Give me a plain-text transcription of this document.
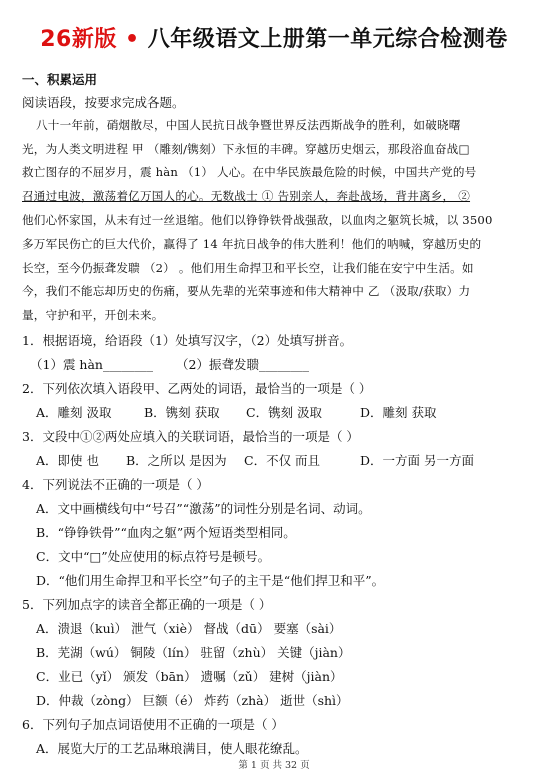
26新版 • 八年级语文上册第一单元综合检测卷
一、积累运用
阅读语段，按要求完成各题。
八十一年前，硝烟散尽，中国人民抗日战争暨世界反法西斯战争的胜利，如破晓曙
光，为人类文明进程 甲 （雕刻/镌刻）下永恒的丰碑。穿越历史烟云，那段浴血奋战□
救亡图存的不屈岁月，震 hàn （1） 人心。在中华民族最危险的时候，中国共产党的号
召通过电波，激荡着亿万国人的心。无数战士 ① 告别亲人，奔赴战场，背井离乡， ②
他们心怀家国，从未有过一丝退缩。他们以铮铮铁骨战强敌，以血肉之躯筑长城，以 3500
多万军民伤亡的巨大代价，赢得了 14 年抗日战争的伟大胜利！他们的呐喊，穿越历史的
长空，至今仍振聋发聩 （2） 。他们用生命捍卫和平长空，让我们能在安宁中生活。如
今，我们不能忘却历史的伤痛，要从先辈的光荣事迹和伟大精神中 乙 （汲取/获取）力
量，守护和平，开创未来。
1．根据语境，给语段（1）处填写汉字，（2）处填写拼音。
（1）震 hàn________	（2）振聋发聩________
2．下列依次填入语段甲、乙两处的词语，最恰当的一项是（ ）
A．雕刻 汲取	B．镌刻 获取	C．镌刻 汲取	D．雕刻 获取
3．文段中①②两处应填入的关联词语，最恰当的一项是（ ）
A．即使 也	B．之所以 是因为	C．不仅 而且	D．一方面 另一方面
4．下列说法不正确的一项是（ ）
A．文中画横线句中“号召”“激荡”的词性分别是名词、动词。
B．“铮铮铁骨”“血肉之躯”两个短语类型相同。
C．文中“□”处应使用的标点符号是顿号。
D．“他们用生命捍卫和平长空”句子的主干是“他们捍卫和平”。
5．下列加点字的读音全都正确的一项是（ ）
A．溃退（kuì） 泄气（xiè） 督战（dū） 要塞（sài）
B．芜湖（wú） 铜陵（lín） 驻留（zhù） 关键（jiàn）
C．业已（yǐ） 颁发（bān） 遗嘱（zǔ） 建树（jiàn）
D．仲裁（zòng） 巨额（é） 炸药（zhà） 逝世（shì）
6．下列句子加点词语使用不正确的一项是（ ）
A．展览大厅的工艺品琳琅满目，使人眼花缭乱。
第 1 页 共 32 页
